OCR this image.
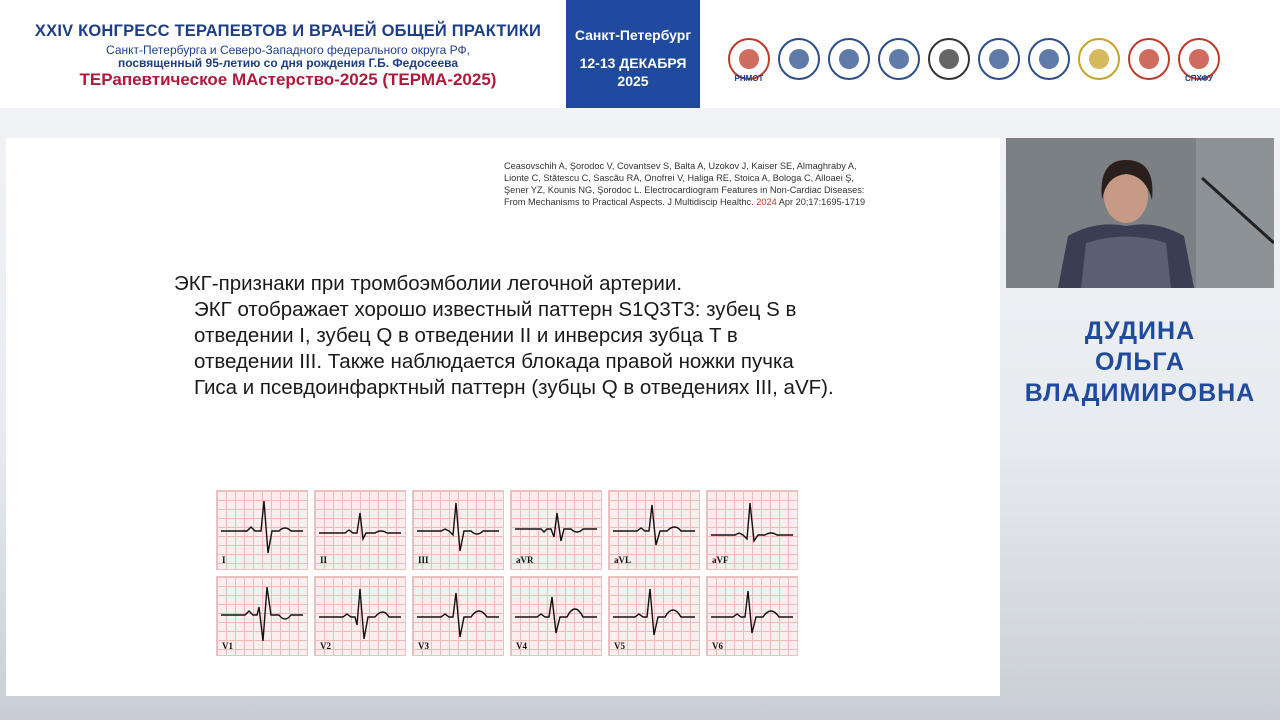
XXIV КОНГРЕСС ТЕРАПЕВТОВ И ВРАЧЕЙ ОБЩЕЙ ПРАКТИКИ
Санкт-Петербурга и Северо-Западного федерального округа РФ,
посвященный 95-летию со дня рождения Г.Б. Федосеева
ТЕРапевтическое МАстерство-2025 (ТЕРМА-2025)
Санкт-Петербург
12-13 ДЕКАБРЯ
2025	РНМОТ	СПХФУ
Ceasovschih A, Şorodoc V, Covantsev S, Balta A, Uzokov J, Kaiser SE, Almaghraby A, Lionte C, Stătescu C, Sascău RA, Onofrei V, Haliga RE, Stoica A, Bologa C, Alloaei Ş, Şener YZ, Kounis NG, Şorodoc L. Electrocardiogram Features in Non-Cardiac Diseases: From Mechanisms to Practical Aspects. J Multidiscip Healthc. 2024 Apr 20;17:1695-1719
ЭКГ-признаки при тромбоэмболии легочной артерии.
ЭКГ отображает хорошо известный паттерн S1Q3T3: зубец S в отведении I, зубец Q в отведении II и инверсия зубца T в отведении III. Также наблюдается блокада правой ножки пучка Гиса и псевдоинфарктный паттерн (зубцы Q в отведениях III, aVF).
I	II	III	aVR	aVL	aVF
V1	V2	V3	V4	V5	V6
ДУДИНА
ОЛЬГА
ВЛАДИМИРОВНА
